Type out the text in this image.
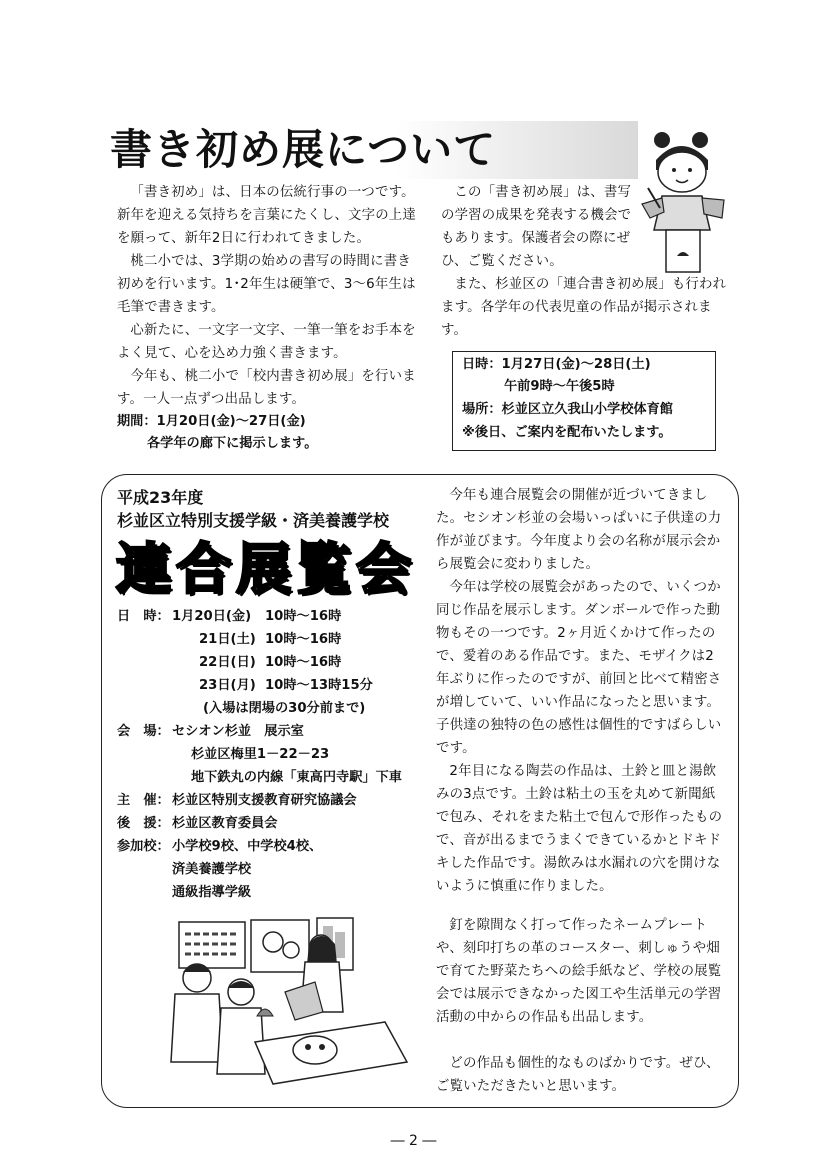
書き初め展について

「書き初め」は、日本の伝統行事の一つです。新年を迎える気持ちを言葉にたくし、文字の上達を願って、新年2日に行われてきました。

桃二小では、3学期の始めの書写の時間に書き初めを行います。1･2年生は硬筆で、3～6年生は毛筆で書きます。

心新たに、一文字一文字、一筆一筆をお手本をよく見て、心を込め力強く書きます。

今年も、桃二小で「校内書き初め展」を行います。一人一点ずつ出品します。

期間：1月20日(金)～27日(金)
各学年の廊下に掲示します。

この「書き初め展」は、書写の学習の成果を発表する機会でもあります。保護者会の際にぜひ、ご覧ください。

また、杉並区の「連合書き初め展」も行われます。各学年の代表児童の作品が掲示されます。

日時：1月27日(金)～28日(土)
午前9時～午後5時
場所：杉並区立久我山小学校体育館
※後日、ご案内を配布いたします。
平成23年度
杉並区立特別支援学級・済美養護学校
連合展覧会
日　時： 1月20日(金) 10時～16時
21日(土) 10時～16時
22日(日) 10時～16時
23日(月) 10時～13時15分
(入場は閉場の30分前まで)
会　場： セシオン杉並　展示室
杉並区梅里1－22－23
地下鉄丸の内線「東高円寺駅」下車
主　催： 杉並区特別支援教育研究協議会
後　援： 杉並区教育委員会
参加校： 小学校9校、中学校4校、
済美養護学校
通級指導学級

今年も連合展覧会の開催が近づいてきました。セシオン杉並の会場いっぱいに子供達の力作が並びます。今年度より会の名称が展示会から展覧会に変わりました。

今年は学校の展覧会があったので、いくつか同じ作品を展示します。ダンボールで作った動物もその一つです。2ヶ月近くかけて作ったので、愛着のある作品です。また、モザイクは2年ぶりに作ったのですが、前回と比べて精密さが増していて、いい作品になったと思います。子供達の独特の色の感性は個性的ですばらしいです。

2年目になる陶芸の作品は、土鈴と皿と湯飲みの3点です。土鈴は粘土の玉を丸めて新聞紙で包み、それをまた粘土で包んで形作ったもので、音が出るまでうまくできているかとドキドキした作品です。湯飲みは水漏れの穴を開けないように慎重に作りました。

釘を隙間なく打って作ったネームプレートや、刻印打ちの革のコースター、刺しゅうや畑で育てた野菜たちへの絵手紙など、学校の展覧会では展示できなかった図工や生活単元の学習活動の中からの作品も出品します。

どの作品も個性的なものばかりです。ぜひ、ご覧いただきたいと思います。

― 2 ―
